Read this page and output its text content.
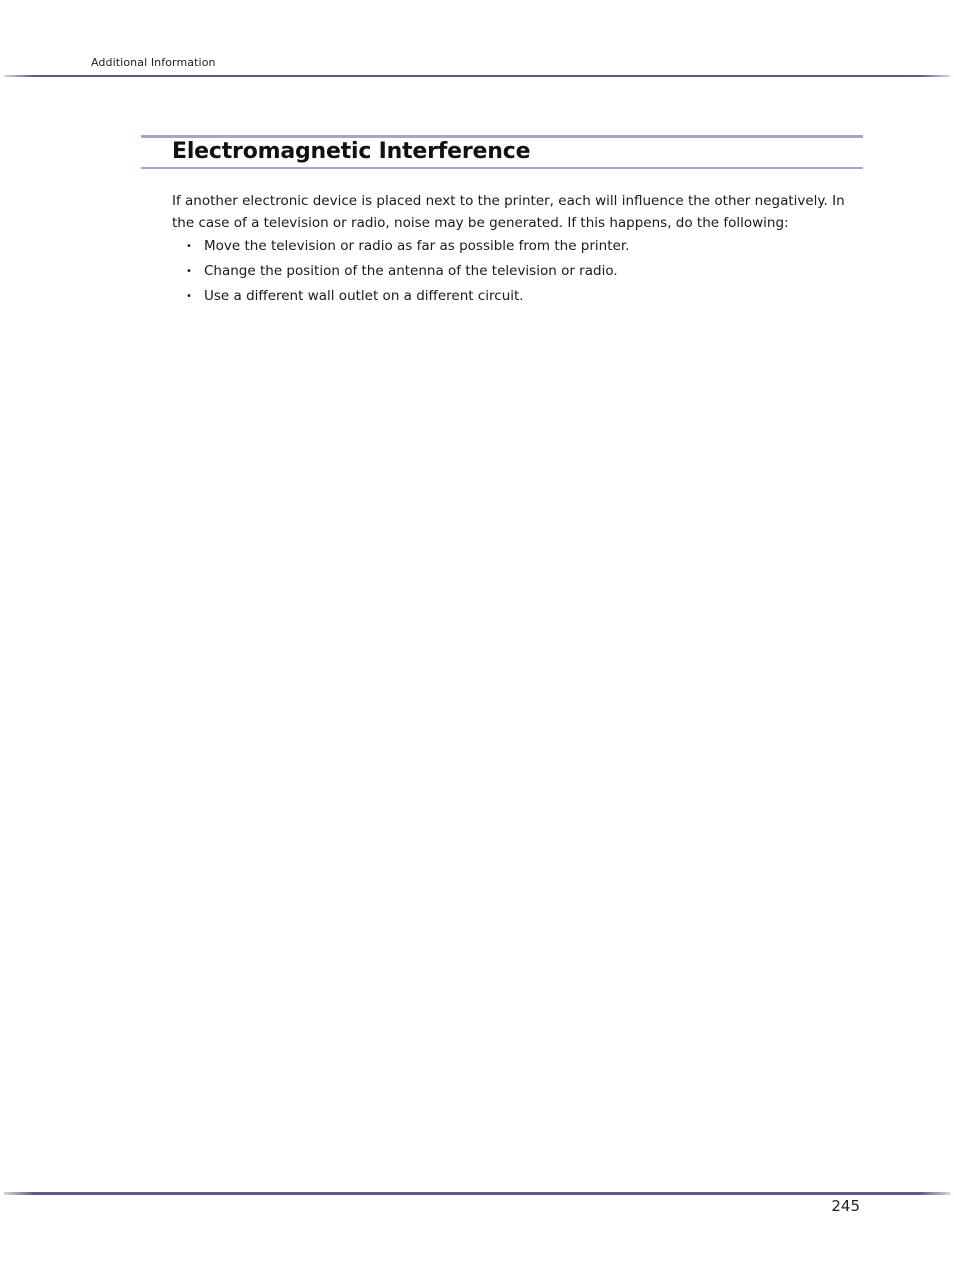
Additional Information
Electromagnetic Interference

If another electronic device is placed next to the printer, each will influence the other negatively. In the case of a television or radio, noise may be generated. If this happens, do the following:

• Move the television or radio as far as possible from the printer.
• Change the position of the antenna of the television or radio.
• Use a different wall outlet on a different circuit.
245
